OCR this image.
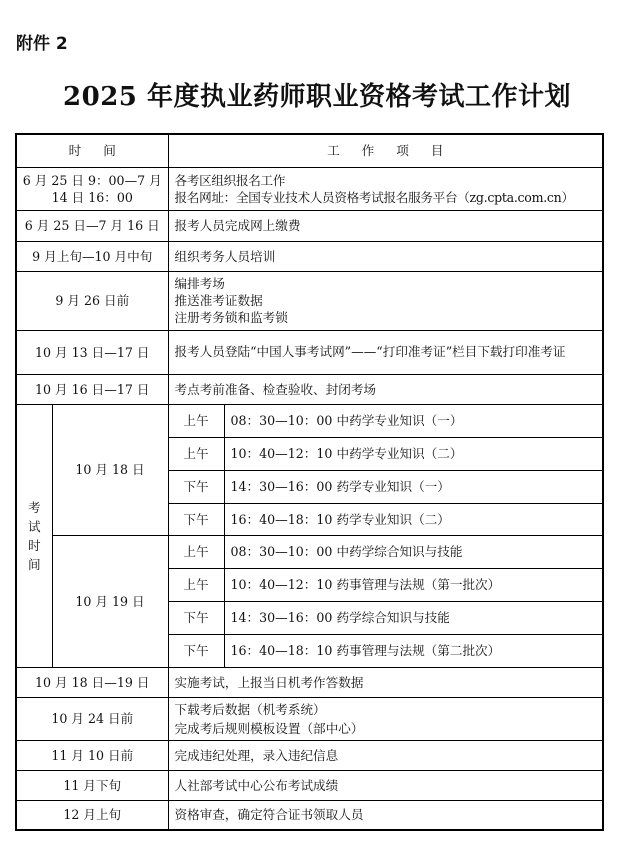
附件 2
2025 年度执业药师职业资格考试工作计划
时 间		工 作 项 目	

6 月 25 日 9：00—7 月
14 日 16：00		各考区组织报名工作
报名网址：全国专业技术人员资格考试报名服务平台（zg.cpta.com.cn）	

6 月 25 日—7 月 16 日		报考人员完成网上缴费	
9 月上旬—10 月中旬		组织考务人员培训	
9 月 26 日前		编排考场
推送准考证数据
注册考务锁和监考锁	

10 月 13 日—17 日		报考人员登陆“中国人事考试网”——“打印准考证”栏目下载打印准考证	
10 月 16 日—17 日		考点考前准备、检查验收、封闭考场	

考
试
时
间	10 月 18 日	上午	08：30—10：00 中药学专业知识（一）
		上午	10：40—12：10 中药学专业知识（二）
		下午	14：30—16：00 药学专业知识（一）
		下午	16：40—18：10 药学专业知识（二）
	10 月 19 日	上午	08：30—10：00 中药学综合知识与技能
		上午	10：40—12：10 药事管理与法规（第一批次）
		下午	14：30—16：00 药学综合知识与技能
		下午	16：40—18：10 药事管理与法规（第二批次）
10 月 18 日—19 日		实施考试，上报当日机考作答数据	
10 月 24 日前		下载考后数据（机考系统）
完成考后规则模板设置（部中心）	

11 月 10 日前		完成违纪处理，录入违纪信息	
11 月下旬		人社部考试中心公布考试成绩	
12 月上旬		资格审查，确定符合证书领取人员	
